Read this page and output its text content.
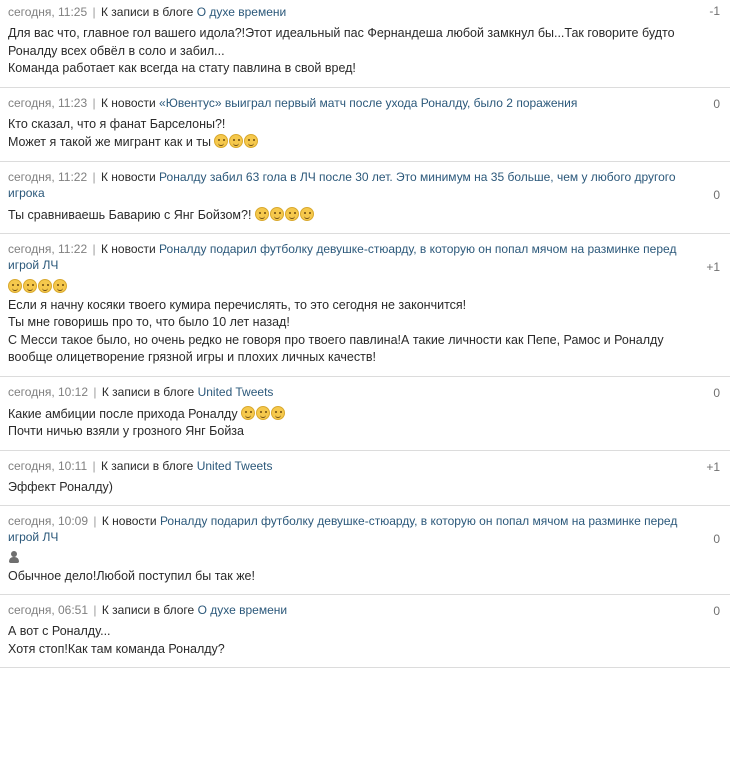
-1
сегодня, 11:25 | К записи в блоге О духе времени
Для вас что, главное гол вашего идола?!Этот идеальный пас Фернандеша любой замкнул бы...Так говорите будто Роналду всех обвёл в соло и забил...
Команда работает как всегда на стату павлина в свой вред!
0
сегодня, 11:23 | К новости «Ювентус» выиграл первый матч после ухода Роналду, было 2 поражения
Кто сказал, что я фанат Барселоны?!
Может я такой же мигрант как и ты
0
сегодня, 11:22 | К новости Роналду забил 63 гола в ЛЧ после 30 лет. Это минимум на 35 больше, чем у любого другого игрока
Ты сравниваешь Баварию с Янг Бойзом?!
+1
сегодня, 11:22 | К новости Роналду подарил футболку девушке-стюарду, в которую он попал мячом на разминке перед игрой ЛЧ
Если я начну косяки твоего кумира перечислять, то это сегодня не закончится!
Ты мне говоришь про то, что было 10 лет назад!
С Месси такое было, но очень редко не говоря про твоего павлина!А такие личности как Пепе, Рамос и Роналду вообще олицетворение грязной игры и плохих личных качеств!
0
сегодня, 10:12 | К записи в блоге United Tweets
Какие амбиции после прихода Роналду
Почти ничью взяли у грозного Янг Бойза
+1
сегодня, 10:11 | К записи в блоге United Tweets
Эффект Роналду)
0
сегодня, 10:09 | К новости Роналду подарил футболку девушке-стюарду, в которую он попал мячом на разминке перед игрой ЛЧ
Обычное дело!Любой поступил бы так же!
0
сегодня, 06:51 | К записи в блоге О духе времени
А вот с Роналду...
Хотя стоп!Как там команда Роналду?
